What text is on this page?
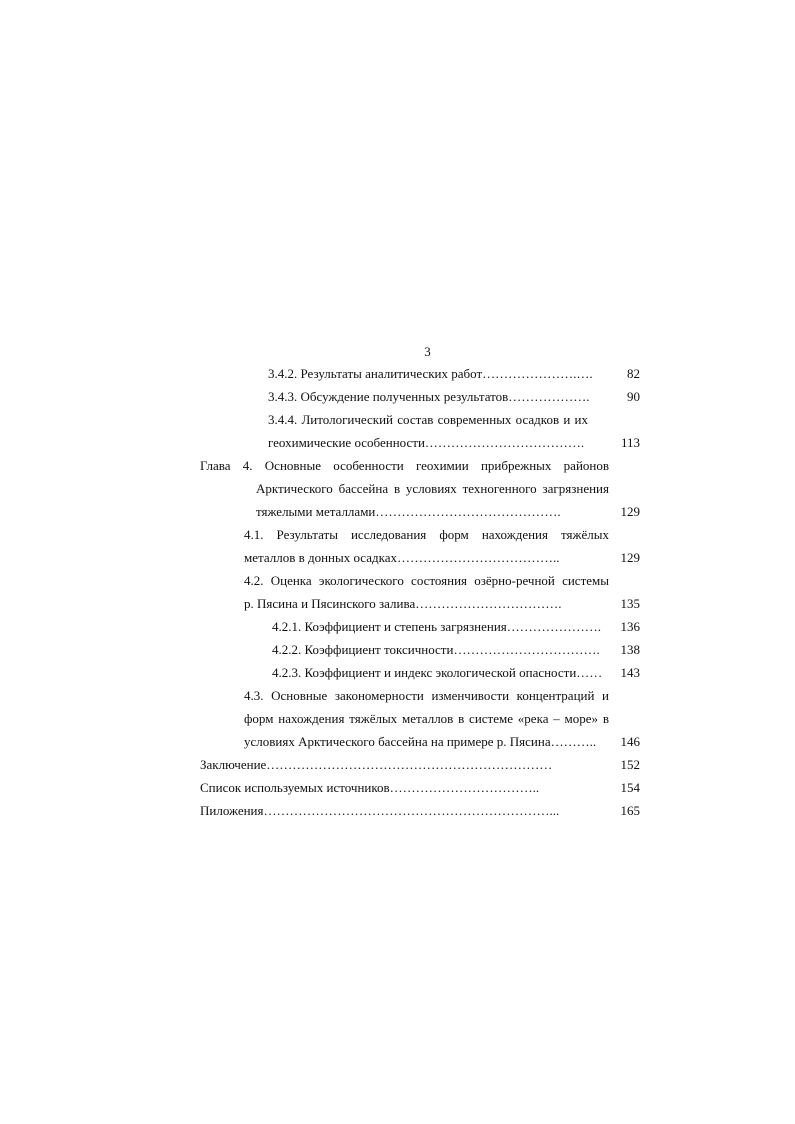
3
3.4.2. Результаты аналитических работ………………….….	82
3.4.3. Обсуждение полученных результатов……………….	90
3.4.4. Литологический состав современных осадков и их
геохимические особенности……………………………….	113
Глава 4. Основные особенности геохимии прибрежных районов
Арктического бассейна в условиях техногенного загрязнения
тяжелыми металлами…………………………………….	129
4.1. Результаты исследования форм нахождения тяжёлых
металлов в донных осадках………………………………..	129
4.2. Оценка экологического состояния озёрно-речной системы
р. Пясина и Пясинского залива…………………………….	135
4.2.1. Коэффициент и степень загрязнения………………….	136
4.2.2. Коэффициент токсичности…………………………….	138
4.2.3. Коэффициент и индекс экологической опасности……	143
4.3. Основные закономерности изменчивости концентраций и
форм нахождения тяжёлых металлов в системе «река – море» в
условиях Арктического бассейна на примере р. Пясина………..	146
Заключение…………………………………………………………	152
Список используемых источников……………………………..	154
Пиложения…………………………………………………………...	165
